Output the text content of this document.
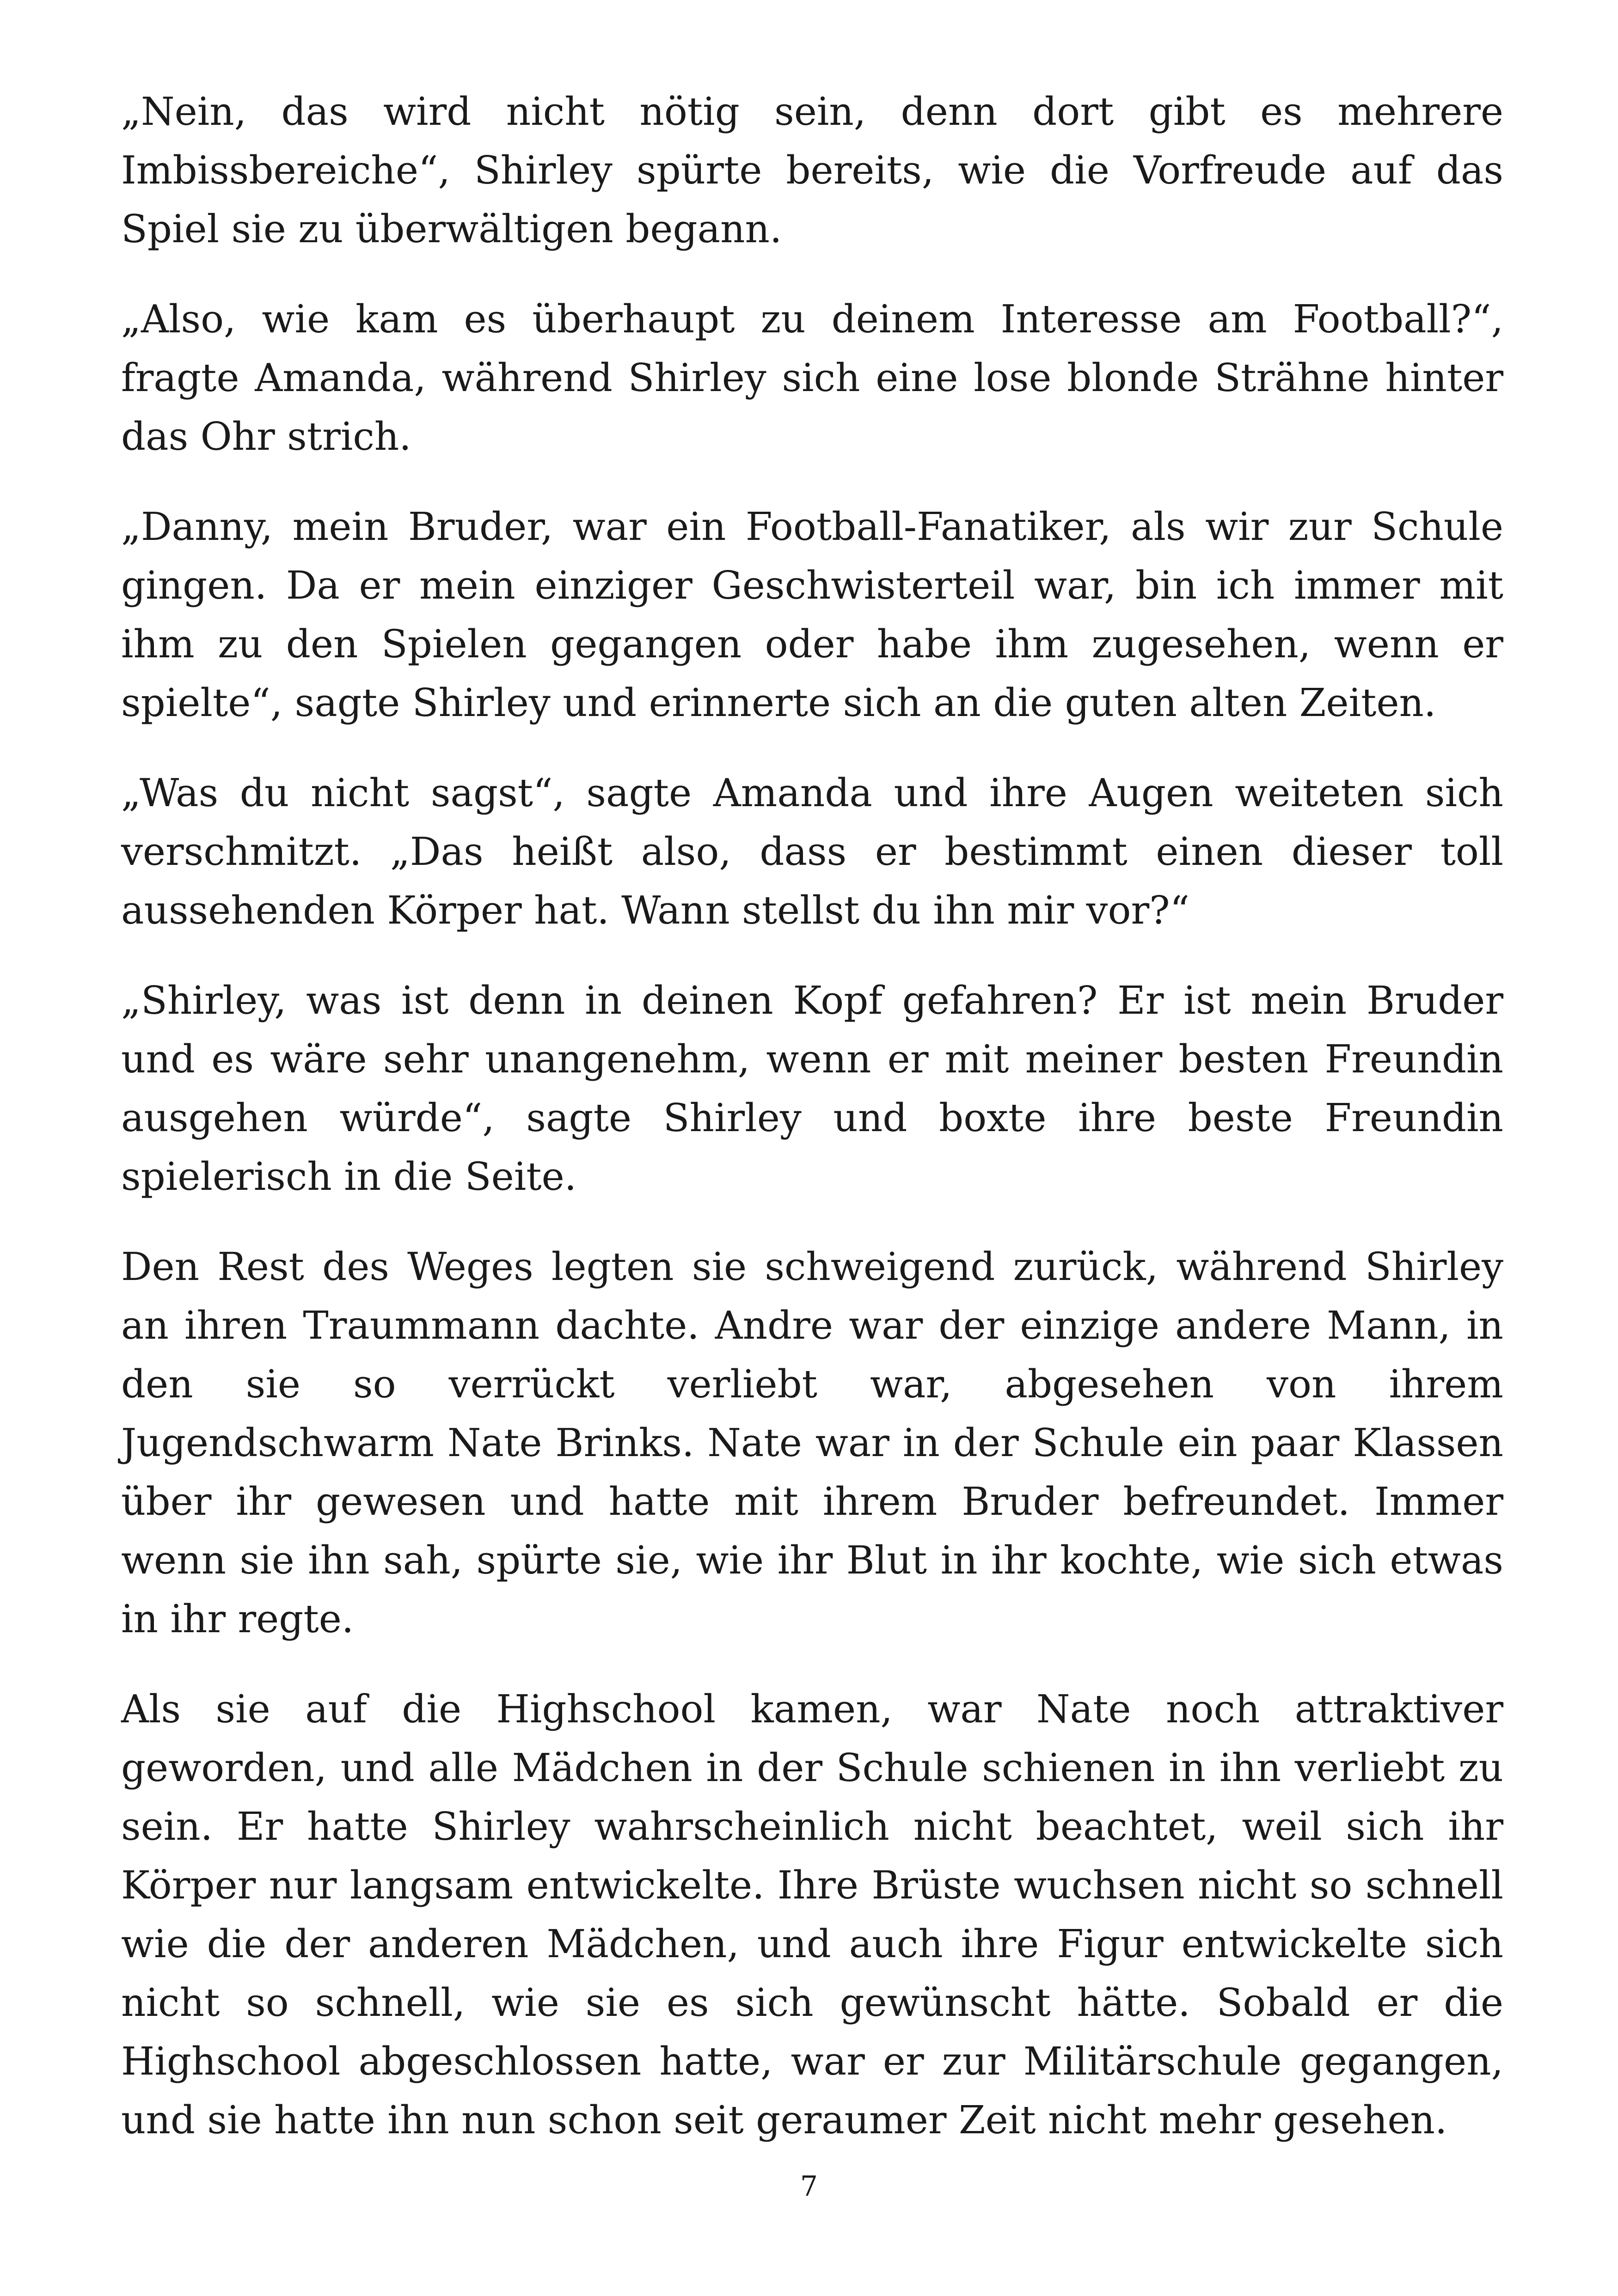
„Nein, das wird nicht nötig sein, denn dort gibt es mehrere Imbissbereiche“, Shirley spürte bereits, wie die Vorfreude auf das Spiel sie zu überwältigen begann.

„Also, wie kam es überhaupt zu deinem Interesse am Football?“, fragte Amanda, während Shirley sich eine lose blonde Strähne hinter das Ohr strich.

„Danny, mein Bruder, war ein Football-Fanatiker, als wir zur Schule gingen. Da er mein einziger Geschwisterteil war, bin ich immer mit ihm zu den Spielen gegangen oder habe ihm zugesehen, wenn er spielte“, sagte Shirley und erinnerte sich an die guten alten Zeiten.

„Was du nicht sagst“, sagte Amanda und ihre Augen weiteten sich verschmitzt. „Das heißt also, dass er bestimmt einen dieser toll aussehenden Körper hat. Wann stellst du ihn mir vor?“

„Shirley, was ist denn in deinen Kopf gefahren? Er ist mein Bruder und es wäre sehr unangenehm, wenn er mit meiner besten Freundin ausgehen würde“, sagte Shirley und boxte ihre beste Freundin spielerisch in die Seite.

Den Rest des Weges legten sie schweigend zurück, während Shirley an ihren Traummann dachte. Andre war der einzige andere Mann, in den sie so verrückt verliebt war, abgesehen von ihrem Jugendschwarm Nate Brinks. Nate war in der Schule ein paar Klassen über ihr gewesen und hatte mit ihrem Bruder befreundet. Immer wenn sie ihn sah, spürte sie, wie ihr Blut in ihr kochte, wie sich etwas in ihr regte.

Als sie auf die Highschool kamen, war Nate noch attraktiver geworden, und alle Mädchen in der Schule schienen in ihn verliebt zu sein. Er hatte Shirley wahrscheinlich nicht beachtet, weil sich ihr Körper nur langsam entwickelte. Ihre Brüste wuchsen nicht so schnell wie die der anderen Mädchen, und auch ihre Figur entwickelte sich nicht so schnell, wie sie es sich gewünscht hätte. Sobald er die Highschool abgeschlossen hatte, war er zur Militärschule gegangen, und sie hatte ihn nun schon seit geraumer Zeit nicht mehr gesehen.

7
